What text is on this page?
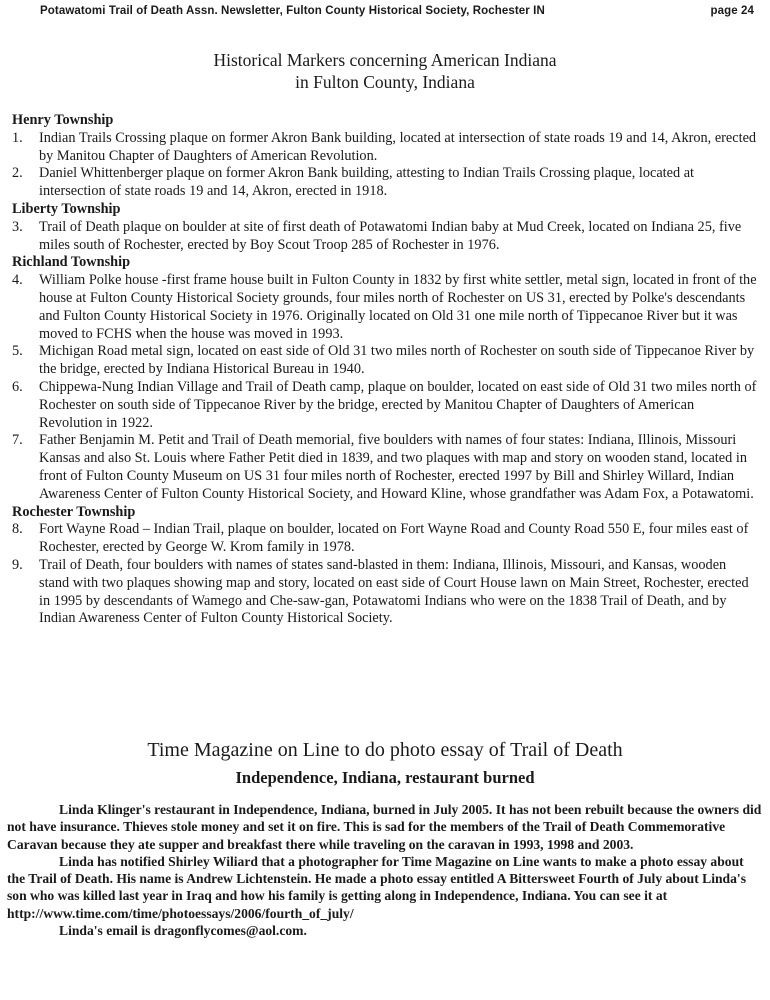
Potawatomi Trail of Death Assn. Newsletter, Fulton County Historical Society, Rochester IN	page 24
Historical Markers concerning American Indiana
in Fulton County, Indiana
Henry Township
1.	Indian Trails Crossing plaque on former Akron Bank building, located at intersection of state roads 19 and 14, Akron, erected by Manitou Chapter of Daughters of American Revolution.
2.	Daniel Whittenberger plaque on former Akron Bank building, attesting to Indian Trails Crossing plaque, located at intersection of state roads 19 and 14, Akron, erected in 1918.
Liberty Township
3.	Trail of Death plaque on boulder at site of first death of Potawatomi Indian baby at Mud Creek, located on Indiana 25, five miles south of Rochester, erected by Boy Scout Troop 285 of Rochester in 1976.
Richland Township
4.	William Polke house -first frame house built in Fulton County in 1832 by first white settler, metal sign, located in front of the house at Fulton County Historical Society grounds, four miles north of Rochester on US 31, erected by Polke's descendants and Fulton County Historical Society in 1976. Originally located on Old 31 one mile north of Tippecanoe River but it was moved to FCHS when the house was moved in 1993.
5.	Michigan Road metal sign, located on east side of Old 31 two miles north of Rochester on south side of Tippecanoe River by the bridge, erected by Indiana Historical Bureau in 1940.
6.	Chippewa-Nung Indian Village and Trail of Death camp, plaque on boulder, located on east side of Old 31 two miles north of Rochester on south side of Tippecanoe River by the bridge, erected by Manitou Chapter of Daughters of American Revolution in 1922.
7.	Father Benjamin M. Petit and Trail of Death memorial, five boulders with names of four states: Indiana, Illinois, Missouri Kansas and also St. Louis where Father Petit died in 1839, and two plaques with map and story on wooden stand, located in front of Fulton County Museum on US 31 four miles north of Rochester, erected 1997 by Bill and Shirley Willard, Indian Awareness Center of Fulton County Historical Society, and Howard Kline, whose grandfather was Adam Fox, a Potawatomi.
Rochester Township
8.	Fort Wayne Road – Indian Trail, plaque on boulder, located on Fort Wayne Road and County Road 550 E, four miles east of Rochester, erected by George W. Krom family in 1978.
9.	Trail of Death, four boulders with names of states sand-blasted in them: Indiana, Illinois, Missouri, and Kansas, wooden stand with two plaques showing map and story, located on east side of Court House lawn on Main Street, Rochester, erected in 1995 by descendants of Wamego and Che-saw-gan, Potawatomi Indians who were on the 1838 Trail of Death, and by Indian Awareness Center of Fulton County Historical Society.
Time Magazine on Line to do photo essay of Trail of Death
Independence, Indiana, restaurant burned

Linda Klinger's restaurant in Independence, Indiana, burned in July 2005. It has not been rebuilt because the owners did not have insurance. Thieves stole money and set it on fire. This is sad for the members of the Trail of Death Commemorative Caravan because they ate supper and breakfast there while traveling on the caravan in 1993, 1998 and 2003.

Linda has notified Shirley Wiliard that a photographer for Time Magazine on Line wants to make a photo essay about the Trail of Death. His name is Andrew Lichtenstein. He made a photo essay entitled A Bittersweet Fourth of July about Linda's son who was killed last year in Iraq and how his family is getting along in Independence, Indiana. You can see it at

http://www.time.com/time/photoessays/2006/fourth_of_july/

Linda's email is dragonflycomes@aol.com.
